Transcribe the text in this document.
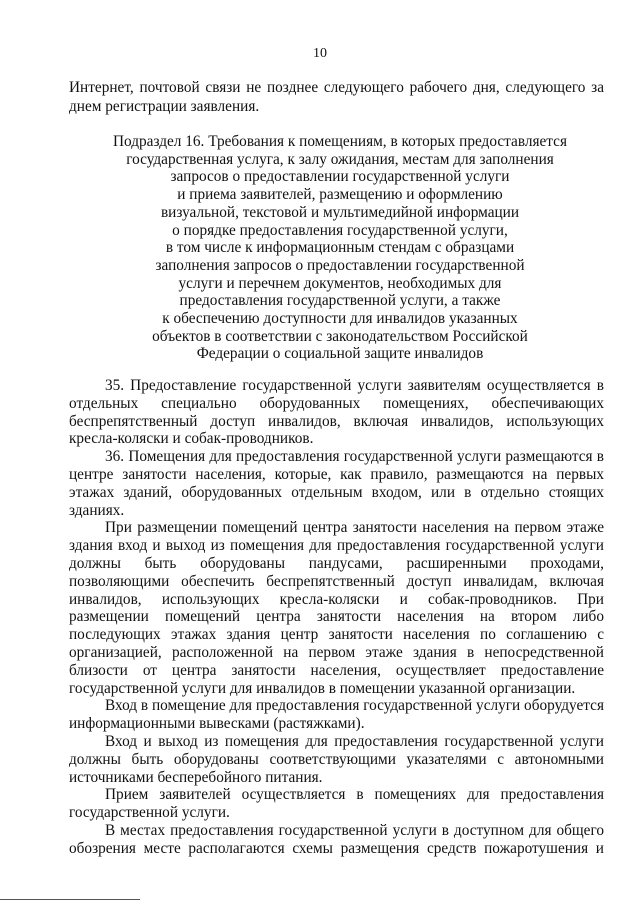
10
Интернет, почтовой связи не позднее следующего рабочего дня, следующего за
днем регистрации заявления.
Подраздел 16. Требования к помещениям, в которых предоставляется
государственная услуга, к залу ожидания, местам для заполнения
запросов о предоставлении государственной услуги
и приема заявителей, размещению и оформлению
визуальной, текстовой и мультимедийной информации
о порядке предоставления государственной услуги,
в том числе к информационным стендам с образцами
заполнения запросов о предоставлении государственной
услуги и перечнем документов, необходимых для
предоставления государственной услуги, а также
к обеспечению доступности для инвалидов указанных
объектов в соответствии с законодательством Российской
Федерации о социальной защите инвалидов
35. Предоставление государственной услуги заявителям осуществляется в
отдельных специально оборудованных помещениях, обеспечивающих
беспрепятственный доступ инвалидов, включая инвалидов, использующих
кресла-коляски и собак-проводников.
36. Помещения для предоставления государственной услуги размещаются в
центре занятости населения, которые, как правило, размещаются на первых
этажах зданий, оборудованных отдельным входом, или в отдельно стоящих
зданиях.
При размещении помещений центра занятости населения на первом этаже
здания вход и выход из помещения для предоставления государственной услуги
должны быть оборудованы пандусами, расширенными проходами,
позволяющими обеспечить беспрепятственный доступ инвалидам, включая
инвалидов, использующих кресла-коляски и собак-проводников. При
размещении помещений центра занятости населения на втором либо
последующих этажах здания центр занятости населения по соглашению с
организацией, расположенной на первом этаже здания в непосредственной
близости от центра занятости населения, осуществляет предоставление
государственной услуги для инвалидов в помещении указанной организации.
Вход в помещение для предоставления государственной услуги оборудуется
информационными вывесками (растяжками).
Вход и выход из помещения для предоставления государственной услуги
должны быть оборудованы соответствующими указателями с автономными
источниками бесперебойного питания.
Прием заявителей осуществляется в помещениях для предоставления
государственной услуги.
В местах предоставления государственной услуги в доступном для общего
обозрения месте располагаются схемы размещения средств пожаротушения и
